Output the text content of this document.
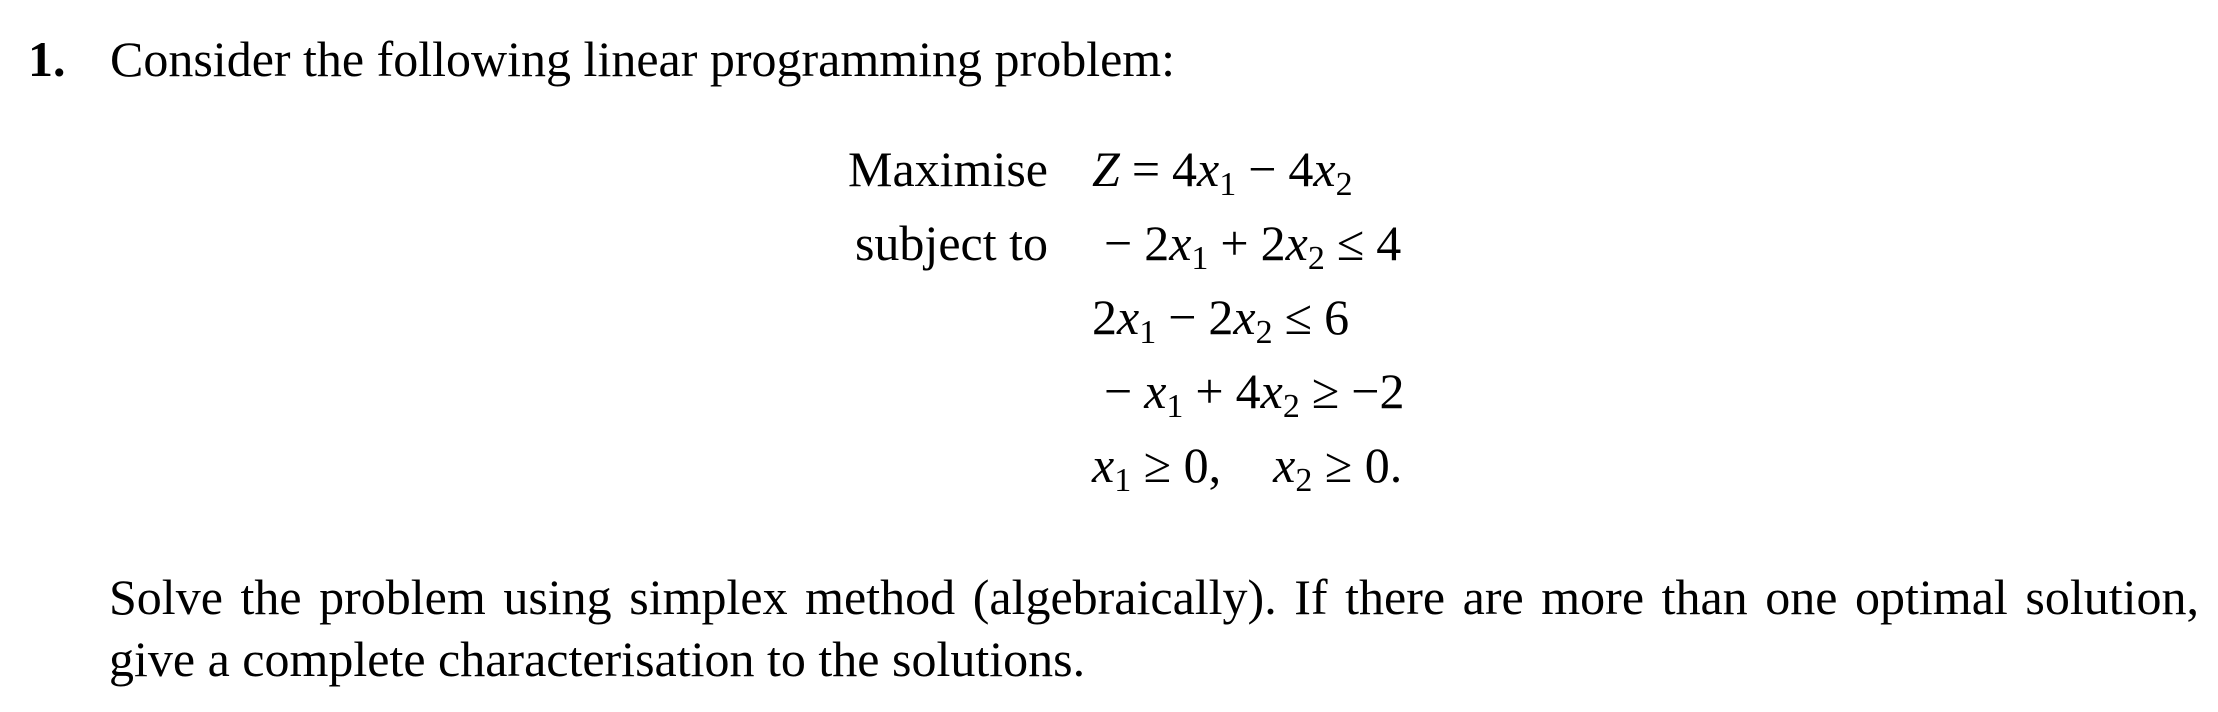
1. Consider the following linear programming problem:
Maximise $Z = 4x_1 - 4x_2$
subject to − $2x_1 + 2x_2 \le 4$
$2x_1 - 2x_2 \le 6$
− $x_1 + 4x_2 \ge -2$
$x_1 \ge 0$, $x_2 \ge 0$.
Solve the problem using simplex method (algebraically). If there are more than one optimal solution, give a complete characterisation to the solutions.
